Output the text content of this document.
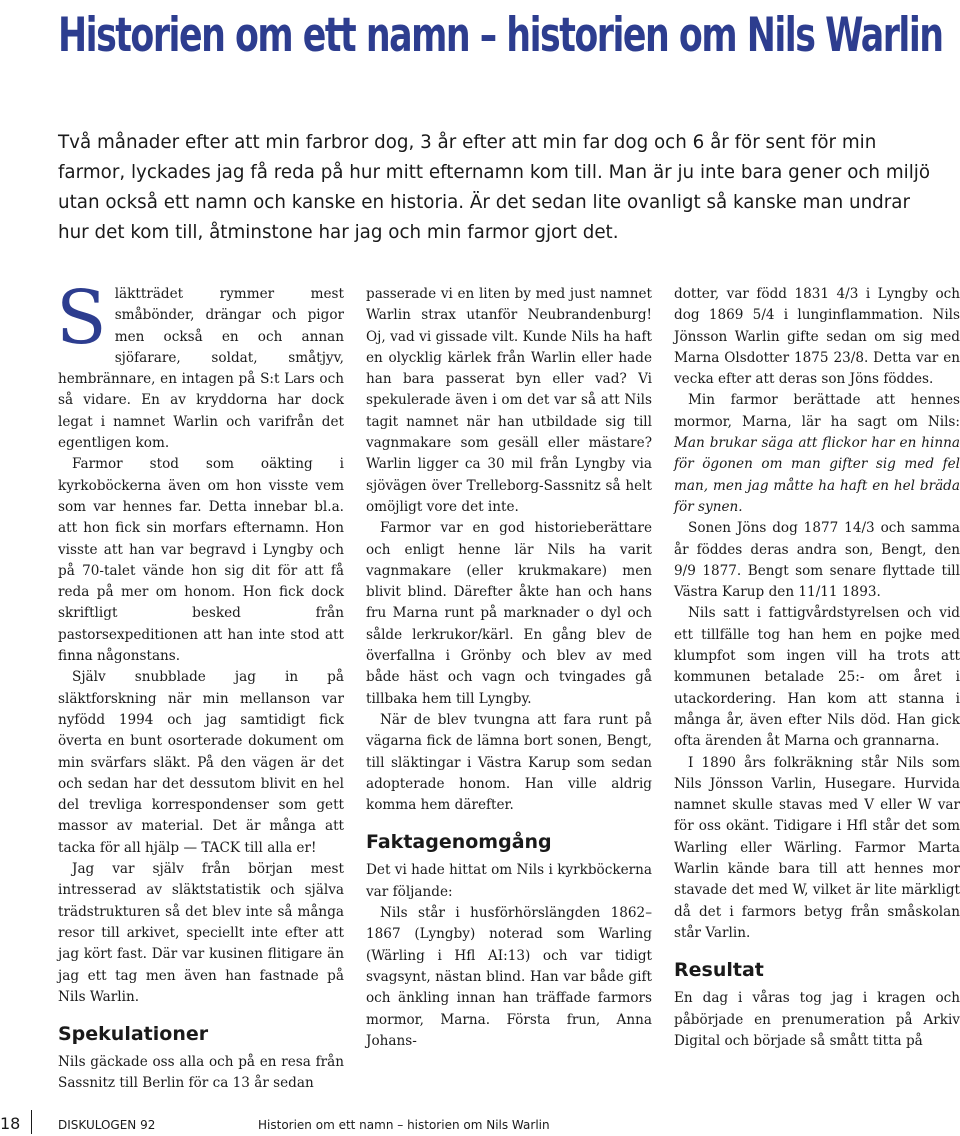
Historien om ett namn – historien om Nils Warlin
Två månader efter att min farbror dog, 3 år efter att min far dog och 6 år för sent för min farmor, lyckades jag få reda på hur mitt efternamn kom till. Man är ju inte bara gener och miljö utan också ett namn och kanske en historia. Är det sedan lite ovanligt så kanske man undrar hur det kom till, åtminstone har jag och min farmor gjort det.

Släktträdet rymmer mest småbönder, drängar och pigor men också en och annan sjöfarare, soldat, småtjyv, hembrännare, en intagen på S:t Lars och så vidare. En av kryddorna har dock legat i namnet Warlin och varifrån det egentligen kom.

Farmor stod som oäkting i kyrkoböckerna även om hon visste vem som var hennes far. Detta innebar bl.a. att hon fick sin morfars efternamn. Hon visste att han var begravd i Lyngby och på 70-talet vände hon sig dit för att få reda på mer om honom. Hon fick dock skriftligt besked från pastorsexpeditionen att han inte stod att finna någonstans.

Själv snubblade jag in på släktforskning när min mellanson var nyfödd 1994 och jag samtidigt fick överta en bunt osorterade dokument om min svärfars släkt. På den vägen är det och sedan har det dessutom blivit en hel del trevliga korrespondenser som gett massor av material. Det är många att tacka för all hjälp — TACK till alla er!

Jag var själv från början mest intresserad av släktstatistik och själva trädstrukturen så det blev inte så många resor till arkivet, speciellt inte efter att jag kört fast. Där var kusinen flitigare än jag ett tag men även han fastnade på Nils Warlin.

Spekulationer

Nils gäckade oss alla och på en resa från Sassnitz till Berlin för ca 13 år sedan

passerade vi en liten by med just namnet Warlin strax utanför Neubrandenburg! Oj, vad vi gissade vilt. Kunde Nils ha haft en olycklig kärlek från Warlin eller hade han bara passerat byn eller vad? Vi spekulerade även i om det var så att Nils tagit namnet när han utbildade sig till vagnmakare som gesäll eller mästare? Warlin ligger ca 30 mil från Lyngby via sjövägen över Trelleborg-Sassnitz så helt omöjligt vore det inte.

Farmor var en god historieberättare och enligt henne lär Nils ha varit vagnmakare (eller krukmakare) men blivit blind. Därefter åkte han och hans fru Marna runt på marknader o dyl och sålde lerkrukor/kärl. En gång blev de överfallna i Grönby och blev av med både häst och vagn och tvingades gå tillbaka hem till Lyngby.

När de blev tvungna att fara runt på vägarna fick de lämna bort sonen, Bengt, till släktingar i Västra Karup som sedan adopterade honom. Han ville aldrig komma hem därefter.

Faktagenomgång

Det vi hade hittat om Nils i kyrkböckerna var följande:

Nils står i husförhörslängden 1862–1867 (Lyngby) noterad som Warling (Wärling i Hfl AI:13) och var tidigt svagsynt, nästan blind. Han var både gift och änkling innan han träffade farmors mormor, Marna. Första frun, Anna Johans-

dotter, var född 1831 4/3 i Lyngby och dog 1869 5/4 i lunginflammation. Nils Jönsson Warlin gifte sedan om sig med Marna Olsdotter 1875 23/8. Detta var en vecka efter att deras son Jöns föddes.

Min farmor berättade att hennes mormor, Marna, lär ha sagt om Nils: Man brukar säga att flickor har en hinna för ögonen om man gifter sig med fel man, men jag måtte ha haft en hel bräda för synen.

Sonen Jöns dog 1877 14/3 och samma år föddes deras andra son, Bengt, den 9/9 1877. Bengt som senare flyttade till Västra Karup den 11/11 1893.

Nils satt i fattigvårdstyrelsen och vid ett tillfälle tog han hem en pojke med klumpfot som ingen vill ha trots att kommunen betalade 25:- om året i utackordering. Han kom att stanna i många år, även efter Nils död. Han gick ofta ärenden åt Marna och grannarna.

I 1890 års folkräkning står Nils som Nils Jönsson Varlin, Husegare. Hurvida namnet skulle stavas med V eller W var för oss okänt. Tidigare i Hfl står det som Warling eller Wärling. Farmor Marta Warlin kände bara till att hennes mor stavade det med W, vilket är lite märkligt då det i farmors betyg från småskolan står Varlin.

Resultat

En dag i våras tog jag i kragen och påbörjade en prenumeration på Arkiv Digital och började så smått titta på

18	DISKULOGEN 92	Historien om ett namn – historien om Nils Warlin
